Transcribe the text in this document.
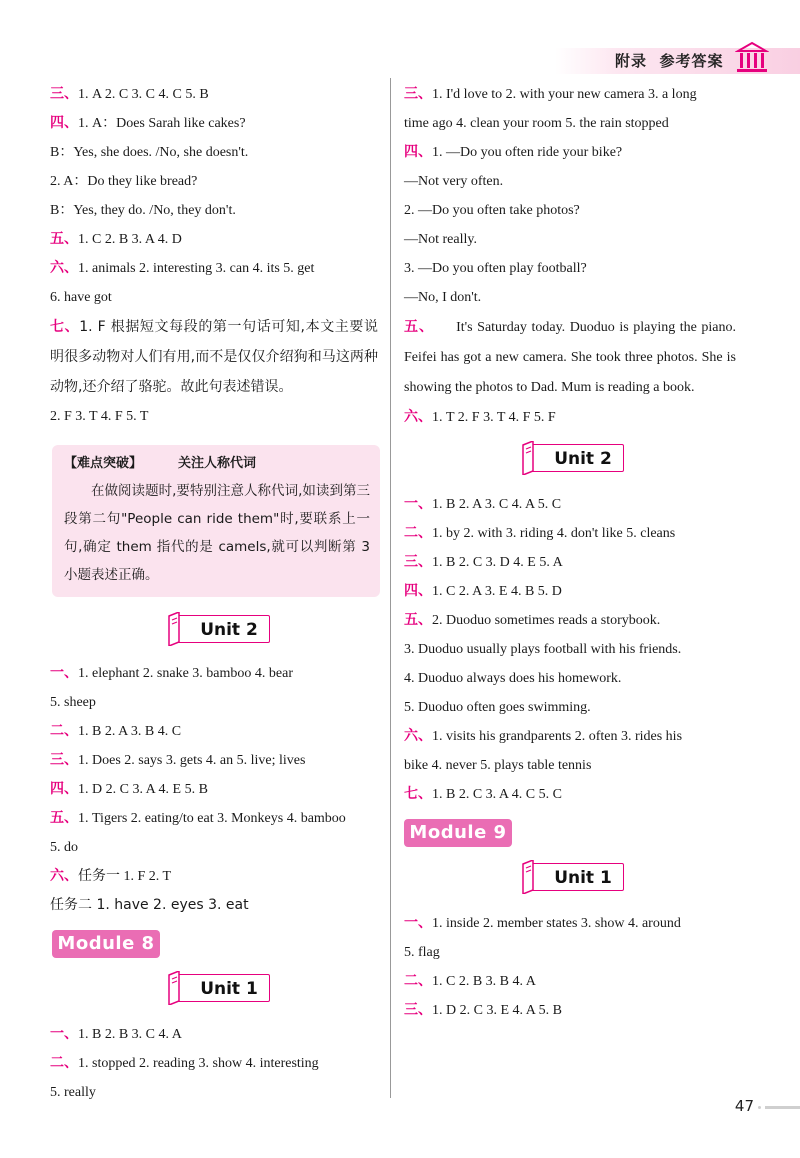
附录  参考答案
三、1. A 2. C 3. C 4. C 5. B
四、1. A：Does Sarah like cakes?
B：Yes, she does. /No, she doesn't.
2. A：Do they like bread?
B：Yes, they do. /No, they don't.
五、1. C 2. B 3. A 4. D
六、1. animals 2. interesting 3. can 4. its 5. get
6. have got
七、1. F 根据短文每段的第一句话可知,本文主要说明很多动物对人们有用,而不是仅仅介绍狗和马这两种动物,还介绍了骆驼。故此句表述错误。
2. F 3. T 4. F 5. T
【难点突破】	关注人称代词
在做阅读题时,要特别注意人称代词,如读到第三段第二句"People can ride them"时,要联系上一句,确定 them 指代的是 camels,就可以判断第 3 小题表述正确。
Unit 2
一、1. elephant 2. snake 3. bamboo 4. bear
5. sheep
二、1. B 2. A 3. B 4. C
三、1. Does 2. says 3. gets 4. an 5. live; lives
四、1. D 2. C 3. A 4. E 5. B
五、1. Tigers 2. eating/to eat 3. Monkeys 4. bamboo
5. do
六、任务一 1. F 2. T
任务二 1. have 2. eyes 3. eat
Module 8
Unit 1
一、1. B 2. B 3. C 4. A
二、1. stopped 2. reading 3. show 4. interesting
5. really
三、1. I'd love to 2. with your new camera 3. a long
time ago 4. clean your room 5. the rain stopped
四、1. —Do you often ride your bike?
—Not very often.
2. —Do you often take photos?
—Not really.
3. —Do you often play football?
—No, I don't.
五、 It's Saturday today. Duoduo is playing the piano. Feifei has got a new camera. She took three photos. She is showing the photos to Dad. Mum is reading a book.
六、1. T 2. F 3. T 4. F 5. F
Unit 2
一、1. B 2. A 3. C 4. A 5. C
二、1. by 2. with 3. riding 4. don't like 5. cleans
三、1. B 2. C 3. D 4. E 5. A
四、1. C 2. A 3. E 4. B 5. D
五、2. Duoduo sometimes reads a storybook.
3. Duoduo usually plays football with his friends.
4. Duoduo always does his homework.
5. Duoduo often goes swimming.
六、1. visits his grandparents 2. often 3. rides his
bike 4. never 5. plays table tennis
七、1. B 2. C 3. A 4. C 5. C
Module 9
Unit 1
一、1. inside 2. member states 3. show 4. around
5. flag
二、1. C 2. B 3. B 4. A
三、1. D 2. C 3. E 4. A 5. B
47
